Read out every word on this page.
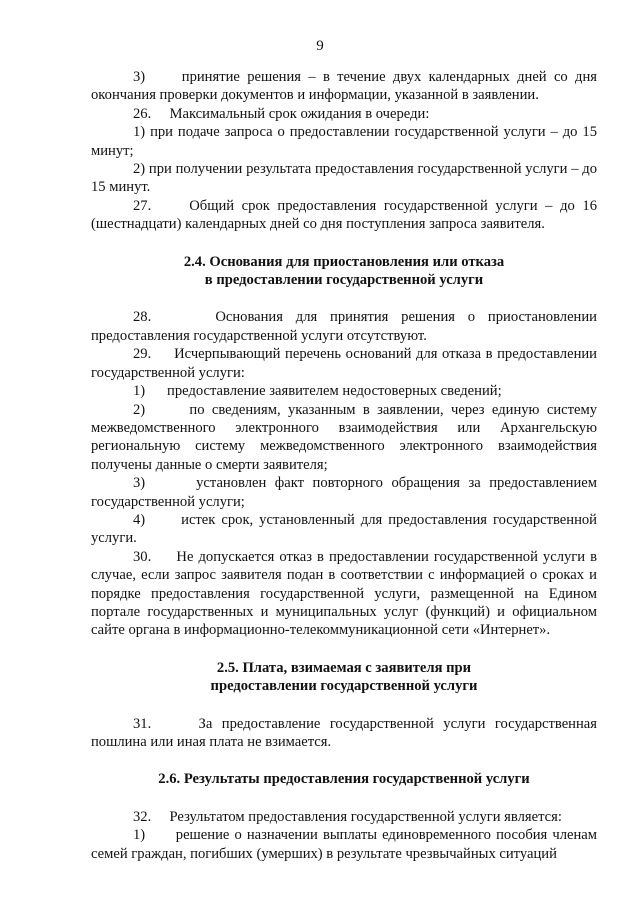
9

3)     принятие решения – в течение двух календарных дней со дня окончания проверки документов и информации, указанной в заявлении.

26.     Максимальный срок ожидания в очереди:

1) при подаче запроса о предоставлении государственной услуги – до 15 минут;

2) при получении результата предоставления государственной услуги – до 15 минут.

27.     Общий срок предоставления государственной услуги – до 16 (шестнадцати) календарных дней со дня поступления запроса заявителя.

2.4. Основания для приостановления или отказа
в предоставлении государственной услуги

28.     Основания для принятия решения о приостановлении предоставления государственной услуги отсутствуют.

29.     Исчерпывающий перечень оснований для отказа в предоставлении государственной услуги:

1)      предоставление заявителем недостоверных сведений;

2)      по сведениям, указанным в заявлении, через единую систему межведомственного электронного взаимодействия или Архангельскую региональную систему межведомственного электронного взаимодействия получены данные о смерти заявителя;

3)      установлен факт повторного обращения за предоставлением государственной услуги;

4)      истек срок, установленный для предоставления государственной услуги.

30.     Не допускается отказ в предоставлении государственной услуги в случае, если запрос заявителя подан в соответствии с информацией о сроках и порядке предоставления государственной услуги, размещенной на Едином портале государственных и муниципальных услуг (функций) и официальном сайте органа в информационно-телекоммуникационной сети «Интернет».

2.5. Плата, взимаемая с заявителя при
предоставлении государственной услуги

31.     За предоставление государственной услуги государственная пошлина или иная плата не взимается.

2.6. Результаты предоставления государственной услуги

32.     Результатом предоставления государственной услуги является:

1)      решение о назначении выплаты единовременного пособия членам семей граждан, погибших (умерших) в результате чрезвычайных ситуаций
